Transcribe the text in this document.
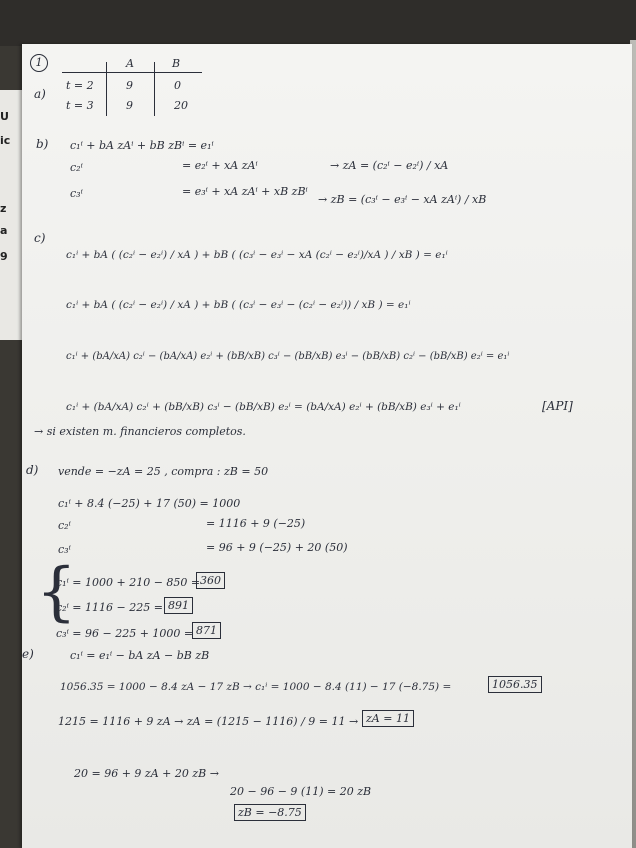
U
ic
z
a
9
1	A	B
a)
t = 2	9	0
t = 3	9	20
b) c₁ⁱ + bA zAⁱ + bB zBⁱ = e₁ⁱ
c₂ⁱ	= e₂ⁱ + xA zAⁱ	→ zA = (c₂ⁱ − e₂ⁱ) / xA
c₃ⁱ	= e₃ⁱ + xA zAⁱ + xB zBⁱ
→ zB = (c₃ⁱ − e₃ⁱ − xA zAⁱ) / xB
c)
c₁ⁱ + bA ( (c₂ⁱ − e₂ⁱ) / xA ) + bB ( (c₃ⁱ − e₃ⁱ − xA (c₂ⁱ − e₂ⁱ)/xA ) / xB ) = e₁ⁱ
c₁ⁱ + bA ( (c₂ⁱ − e₂ⁱ) / xA ) + bB ( (c₃ⁱ − e₃ⁱ − (c₂ⁱ − e₂ⁱ)) / xB ) = e₁ⁱ
c₁ⁱ + (bA/xA) c₂ⁱ − (bA/xA) e₂ⁱ + (bB/xB) c₃ⁱ − (bB/xB) e₃ⁱ − (bB/xB) c₂ⁱ − (bB/xB) e₂ⁱ = e₁ⁱ
c₁ⁱ + (bA/xA) c₂ⁱ + (bB/xB) c₃ⁱ − (bB/xB) e₂ⁱ = (bA/xA) e₂ⁱ + (bB/xB) e₃ⁱ + e₁ⁱ	[API]
→ si existen m. financieros completos.
d) vende = −zA = 25 , compra : zB = 50
c₁ⁱ + 8.4 (−25) + 17 (50) = 1000
c₂ⁱ	= 1116 + 9 (−25)
c₃ⁱ	= 96 + 9 (−25) + 20 (50)
{
c₁ⁱ = 1000 + 210 − 850 = 360
c₂ⁱ = 1116 − 225 = 891
c₃ⁱ = 96 − 225 + 1000 = 871
e)	c₁ⁱ = e₁ⁱ − bA zA − bB zB
1056.35 = 1000 − 8.4 zA − 17 zB → c₁ⁱ = 1000 − 8.4 (11) − 17 (−8.75) =	1056.35
1215 = 1116 + 9 zA → zA = (1215 − 1116) / 9 = 11 → zA = 11
20 = 96 + 9 zA + 20 zB →
20 − 96 − 9 (11) = 20 zB
zB = −8.75
